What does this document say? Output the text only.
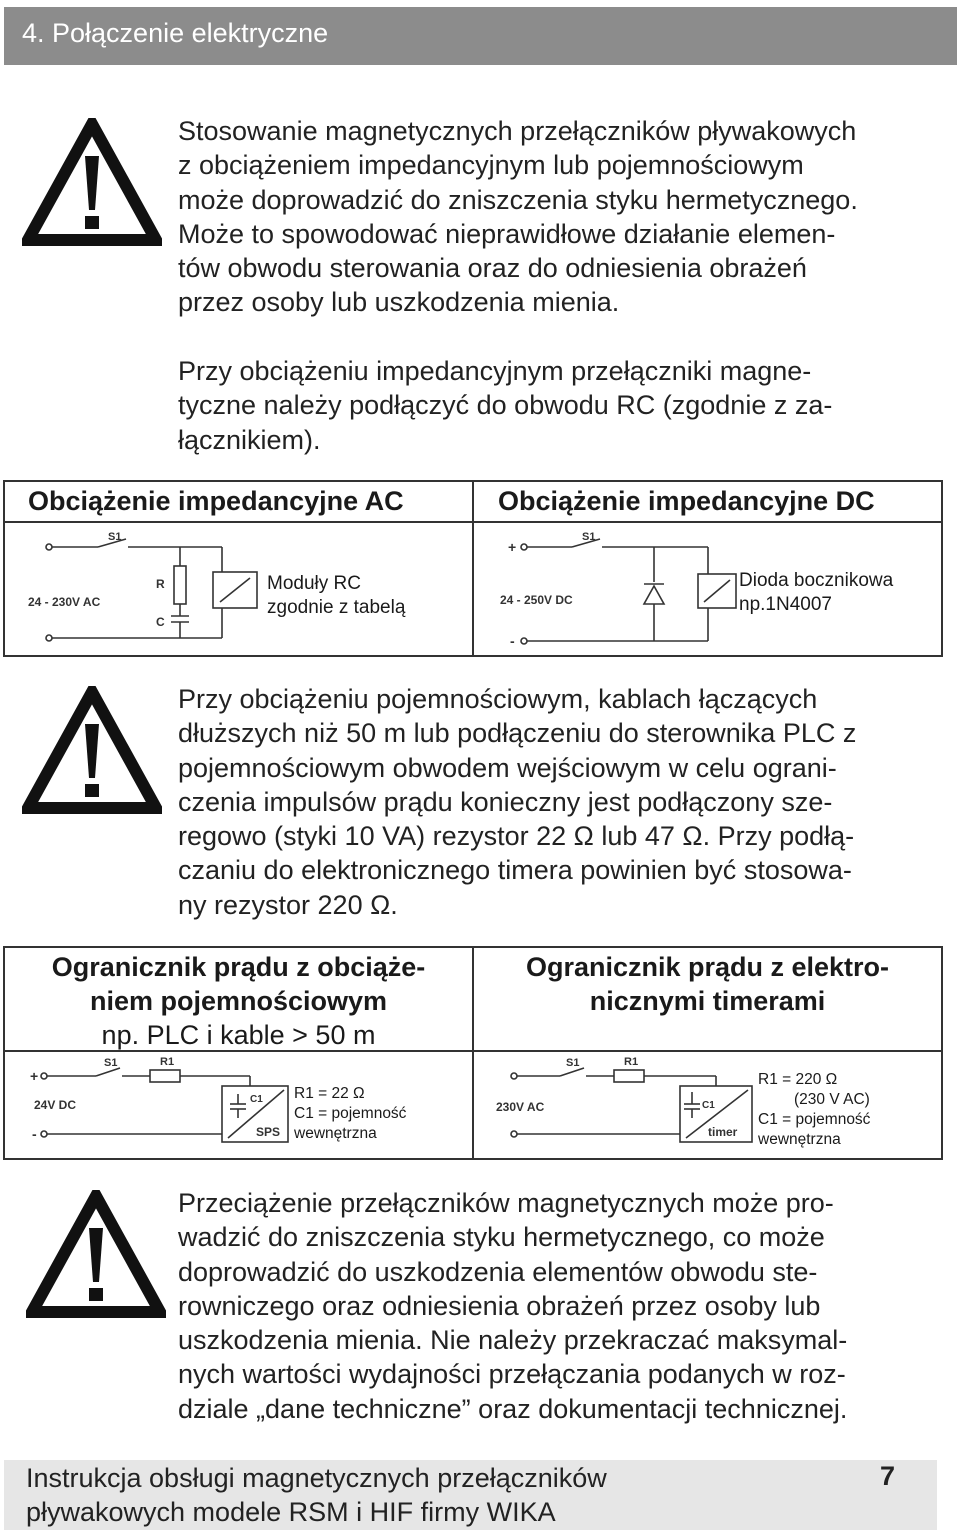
4. Połączenie elektryczne

Stosowanie magnetycznych przełączników pływakowych

z obciążeniem impedancyjnym lub pojemnościowym

może doprowadzić do zniszczenia styku hermetycznego.

Może to spowodować nieprawidłowe działanie elemen-

tów obwodu sterowania oraz do odniesienia obrażeń

przez osoby lub uszkodzenia mienia.

Przy obciążeniu impedancyjnym przełączniki magne-

tyczne należy podłączyć do obwodu RC (zgodnie z za-

łącznikiem).

Obciążenie impedancyjne AC	Obciążenie impedancyjne DC
S1
24 - 230V AC
R
C
Moduły RC
zgodnie z tabelą
+
-
S1
24 - 250V DC
Dioda bocznikowa
np.1N4007

Przy obciążeniu pojemnościowym, kablach łączących

dłuższych niż 50 m lub podłączeniu do sterownika PLC z

pojemnościowym obwodem wejściowym w celu ograni-

czenia impulsów prądu konieczny jest podłączony sze-

regowo (styki 10 VA) rezystor 22 Ω lub 47 Ω. Przy podłą-

czaniu do elektronicznego timera powinien być stosowa-

ny rezystor 220 Ω.

Ogranicznik prądu z obciąże-
niem pojemnościowym
np. PLC i kable > 50 m
Ogranicznik prądu z elektro-
nicznymi timerami
+
-
S1	R1
C1
24V DC
SPS
R1 = 22 Ω
C1 = pojemność
wewnętrzna
S1	R1
C1
230V AC
timer
R1 = 220 Ω
(230 V AC)
C1 = pojemność
wewnętrzna

Przeciążenie przełączników magnetycznych może pro-

wadzić do zniszczenia styku hermetycznego, co może

doprowadzić do uszkodzenia elementów obwodu ste-

rowniczego oraz odniesienia obrażeń przez osoby lub

uszkodzenia mienia. Nie należy przekraczać maksymal-

nych wartości wydajności przełączania podanych w roz-

dziale „dane techniczne” oraz dokumentacji technicznej.

Instrukcja obsługi magnetycznych przełączników
pływakowych modele RSM i HIF firmy WIKA
7
